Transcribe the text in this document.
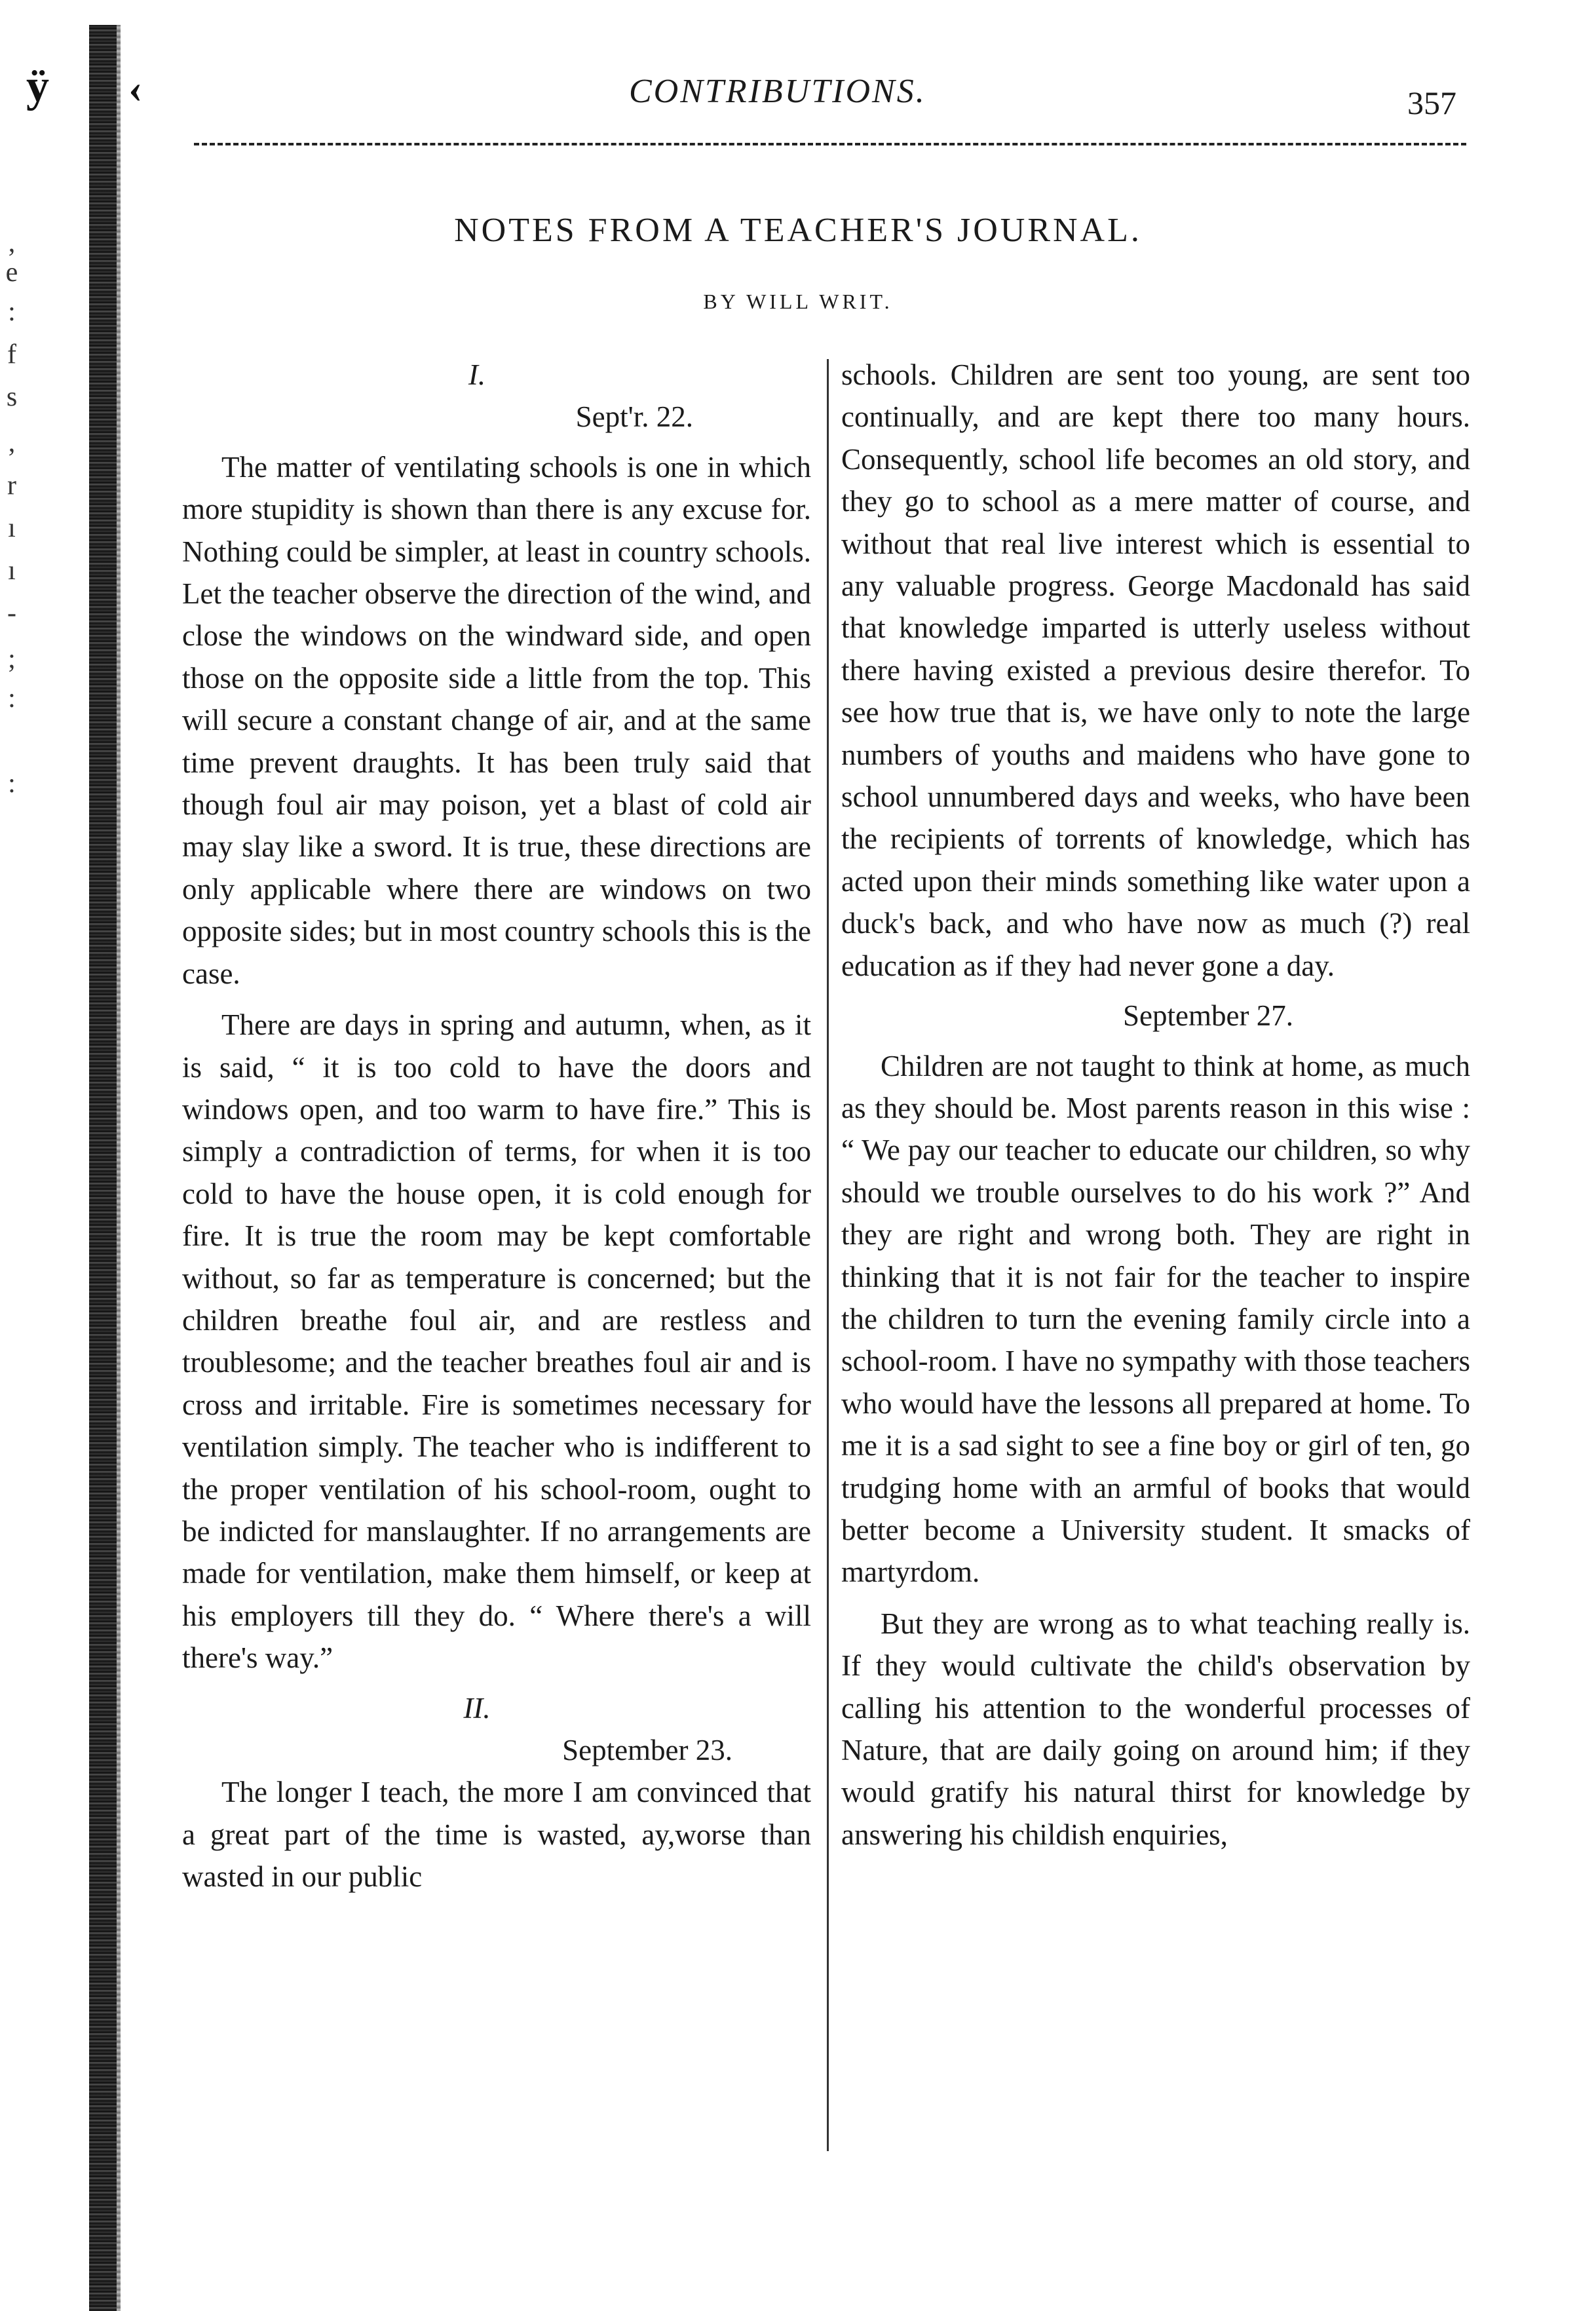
ÿ ‹
,
e
:
f
s
,
r
ı
ı
-
;
:
:
CONTRIBUTIONS.	357
NOTES FROM A TEACHER'S JOURNAL.
BY WILL WRIT.
I.
Sept'r. 22.

The matter of ventilating schools is one in which more stupidity is shown than there is any excuse for. Nothing could be simpler, at least in country schools. Let the teacher observe the direction of the wind, and close the windows on the windward side, and open those on the opposite side a little from the top. This will secure a constant change of air, and at the same time prevent draughts. It has been truly said that though foul air may poison, yet a blast of cold air may slay like a sword. It is true, these directions are only applicable where there are windows on two opposite sides; but in most country schools this is the case.

There are days in spring and autumn, when, as it is said, “ it is too cold to have the doors and windows open, and too warm to have fire.” This is simply a contradiction of terms, for when it is too cold to have the house open, it is cold enough for fire. It is true the room may be kept comfortable without, so far as temperature is concerned; but the children breathe foul air, and are restless and troublesome; and the teacher breathes foul air and is cross and irritable. Fire is sometimes necessary for ventilation simply. The teacher who is indifferent to the proper ventilation of his school-room, ought to be indicted for manslaughter. If no arrangements are made for ventilation, make them himself, or keep at his employers till they do. “ Where there's a will there's way.”

II.
September 23.

The longer I teach, the more I am convinced that a great part of the time is wasted, ay,worse than wasted in our public

schools. Children are sent too young, are sent too continually, and are kept there too many hours. Consequently, school life becomes an old story, and they go to school as a mere matter of course, and without that real live interest which is essential to any valuable progress. George Macdonald has said that knowledge imparted is utterly useless without there having existed a previous desire therefor. To see how true that is, we have only to note the large numbers of youths and maidens who have gone to school unnumbered days and weeks, who have been the recipients of torrents of knowledge, which has acted upon their minds something like water upon a duck's back, and who have now as much (?) real education as if they had never gone a day.

September 27.

Children are not taught to think at home, as much as they should be. Most parents reason in this wise : “ We pay our teacher to educate our children, so why should we trouble ourselves to do his work ?” And they are right and wrong both. They are right in thinking that it is not fair for the teacher to inspire the children to turn the evening family circle into a school-room. I have no sympathy with those teachers who would have the lessons all prepared at home. To me it is a sad sight to see a fine boy or girl of ten, go trudging home with an armful of books that would better become a University student. It smacks of martyrdom.

But they are wrong as to what teaching really is. If they would cultivate the child's observation by calling his attention to the wonderful processes of Nature, that are daily going on around him; if they would gratify his natural thirst for knowledge by answering his childish enquiries,
